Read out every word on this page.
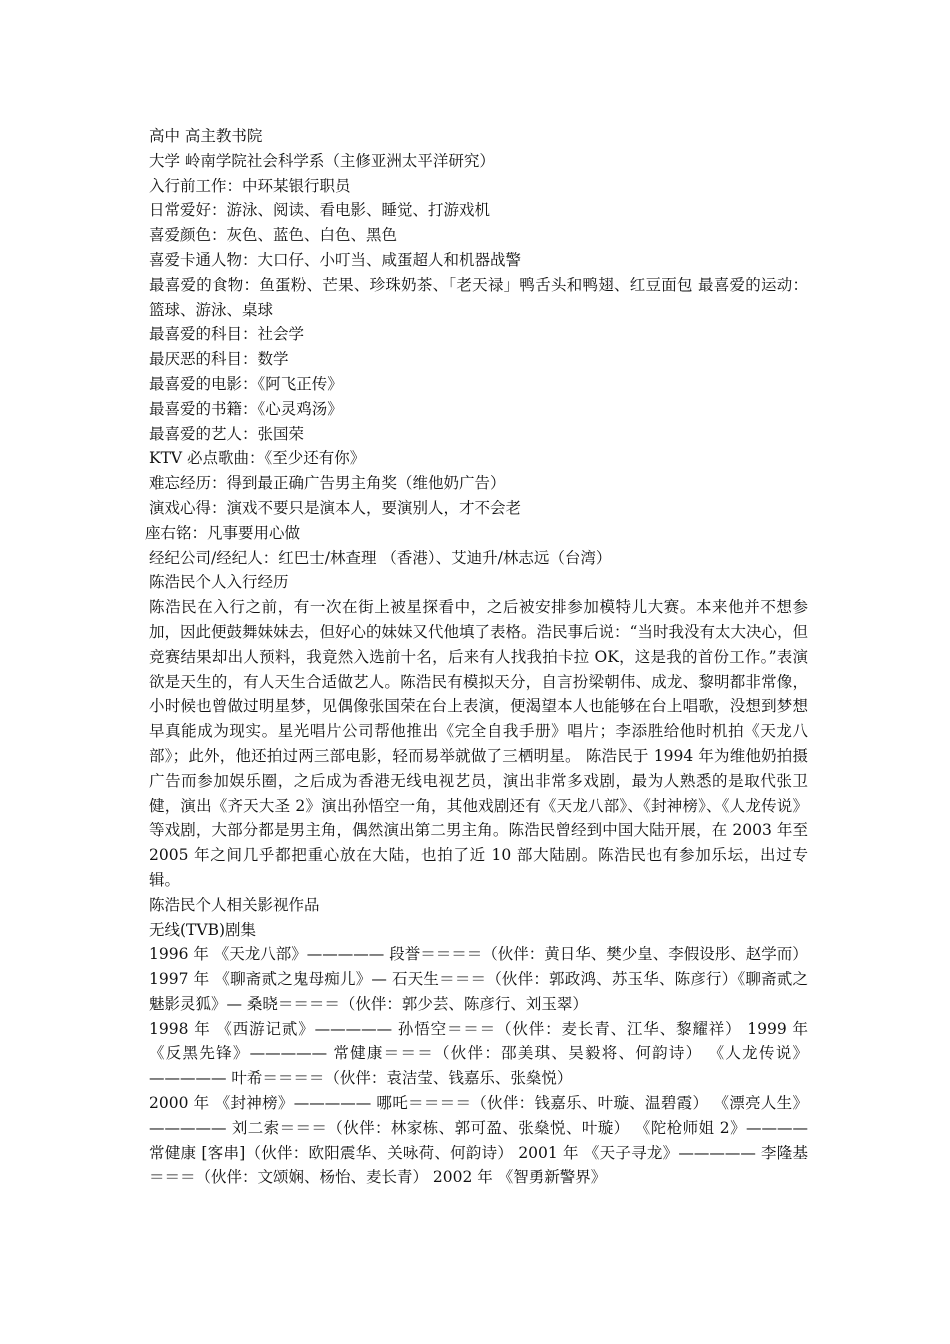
高中 高主教书院

大学 岭南学院社会科学系（主修亚洲太平洋研究）

入行前工作：中环某银行职员

日常爱好：游泳、阅读、看电影、睡觉、打游戏机

喜爱颜色：灰色、蓝色、白色、黑色

喜爱卡通人物：大口仔、小叮当、咸蛋超人和机器战警

最喜爱的食物：鱼蛋粉、芒果、珍珠奶茶、「老天禄」鸭舌头和鸭翅、红豆面包 最喜爱的运动：篮球、游泳、桌球

最喜爱的科目：社会学

最厌恶的科目：数学

最喜爱的电影：《阿飞正传》

最喜爱的书籍：《心灵鸡汤》

最喜爱的艺人：张国荣

KTV 必点歌曲：《至少还有你》

难忘经历：得到最正确广告男主角奖（维他奶广告）

演戏心得：演戏不要只是演本人，要演别人，才不会老

座右铭：凡事要用心做

经纪公司/经纪人：红巴士/林查理 （香港）、艾迪升/林志远（台湾）

陈浩民个人入行经历

陈浩民在入行之前，有一次在街上被星探看中，之后被安排参加模特儿大赛。本来他并不想参加，因此便鼓舞妹妹去，但好心的妹妹又代他填了表格。浩民事后说：“当时我没有太大决心，但竞赛结果却出人预料，我竟然入选前十名，后来有人找我拍卡拉 OK，这是我的首份工作。”表演欲是天生的，有人天生合适做艺人。陈浩民有模拟天分，自言扮梁朝伟、成龙、黎明都非常像，小时候也曾做过明星梦，见偶像张国荣在台上表演，便渴望本人也能够在台上唱歌，没想到梦想早真能成为现实。星光唱片公司帮他推出《完全自我手册》唱片；李添胜给他时机拍《天龙八部》；此外，他还拍过两三部电影，轻而易举就做了三栖明星。 陈浩民于 1994 年为维他奶拍摄广告而参加娱乐圈，之后成为香港无线电视艺员，演出非常多戏剧，最为人熟悉的是取代张卫健，演出《齐天大圣 2》演出孙悟空一角，其他戏剧还有《天龙八部》、《封神榜》、《人龙传说》等戏剧，大部分都是男主角，偶然演出第二男主角。陈浩民曾经到中国大陆开展，在 2003 年至 2005 年之间几乎都把重心放在大陆，也拍了近 10 部大陆剧。陈浩民也有参加乐坛，出过专辑。

陈浩民个人相关影视作品

无线(TVB)剧集

1996 年 《天龙八部》————— 段誉＝＝＝＝（伙伴：黄日华、樊少皇、李假设彤、赵学而）

1997 年 《聊斋贰之鬼母痴儿》— 石天生＝＝＝（伙伴：郭政鸿、苏玉华、陈彦行）《聊斋贰之魅影灵狐》— 桑晓＝＝＝＝（伙伴：郭少芸、陈彦行、刘玉翠）

1998 年 《西游记贰》————— 孙悟空＝＝＝（伙伴：麦长青、江华、黎耀祥） 1999 年 《反黑先锋》————— 常健康＝＝＝（伙伴：邵美琪、吴毅将、何韵诗） 《人龙传说》————— 叶希＝＝＝＝（伙伴：袁洁莹、钱嘉乐、张燊悦）

2000 年 《封神榜》————— 哪吒＝＝＝＝（伙伴：钱嘉乐、叶璇、温碧霞） 《漂亮人生》————— 刘二索＝＝＝（伙伴：林家栋、郭可盈、张燊悦、叶璇） 《陀枪师姐 2》———— 常健康 [客串]（伙伴：欧阳震华、关咏荷、何韵诗） 2001 年 《天子寻龙》————— 李隆基＝＝＝（伙伴：文颂娴、杨怡、麦长青） 2002 年 《智勇新警界》
